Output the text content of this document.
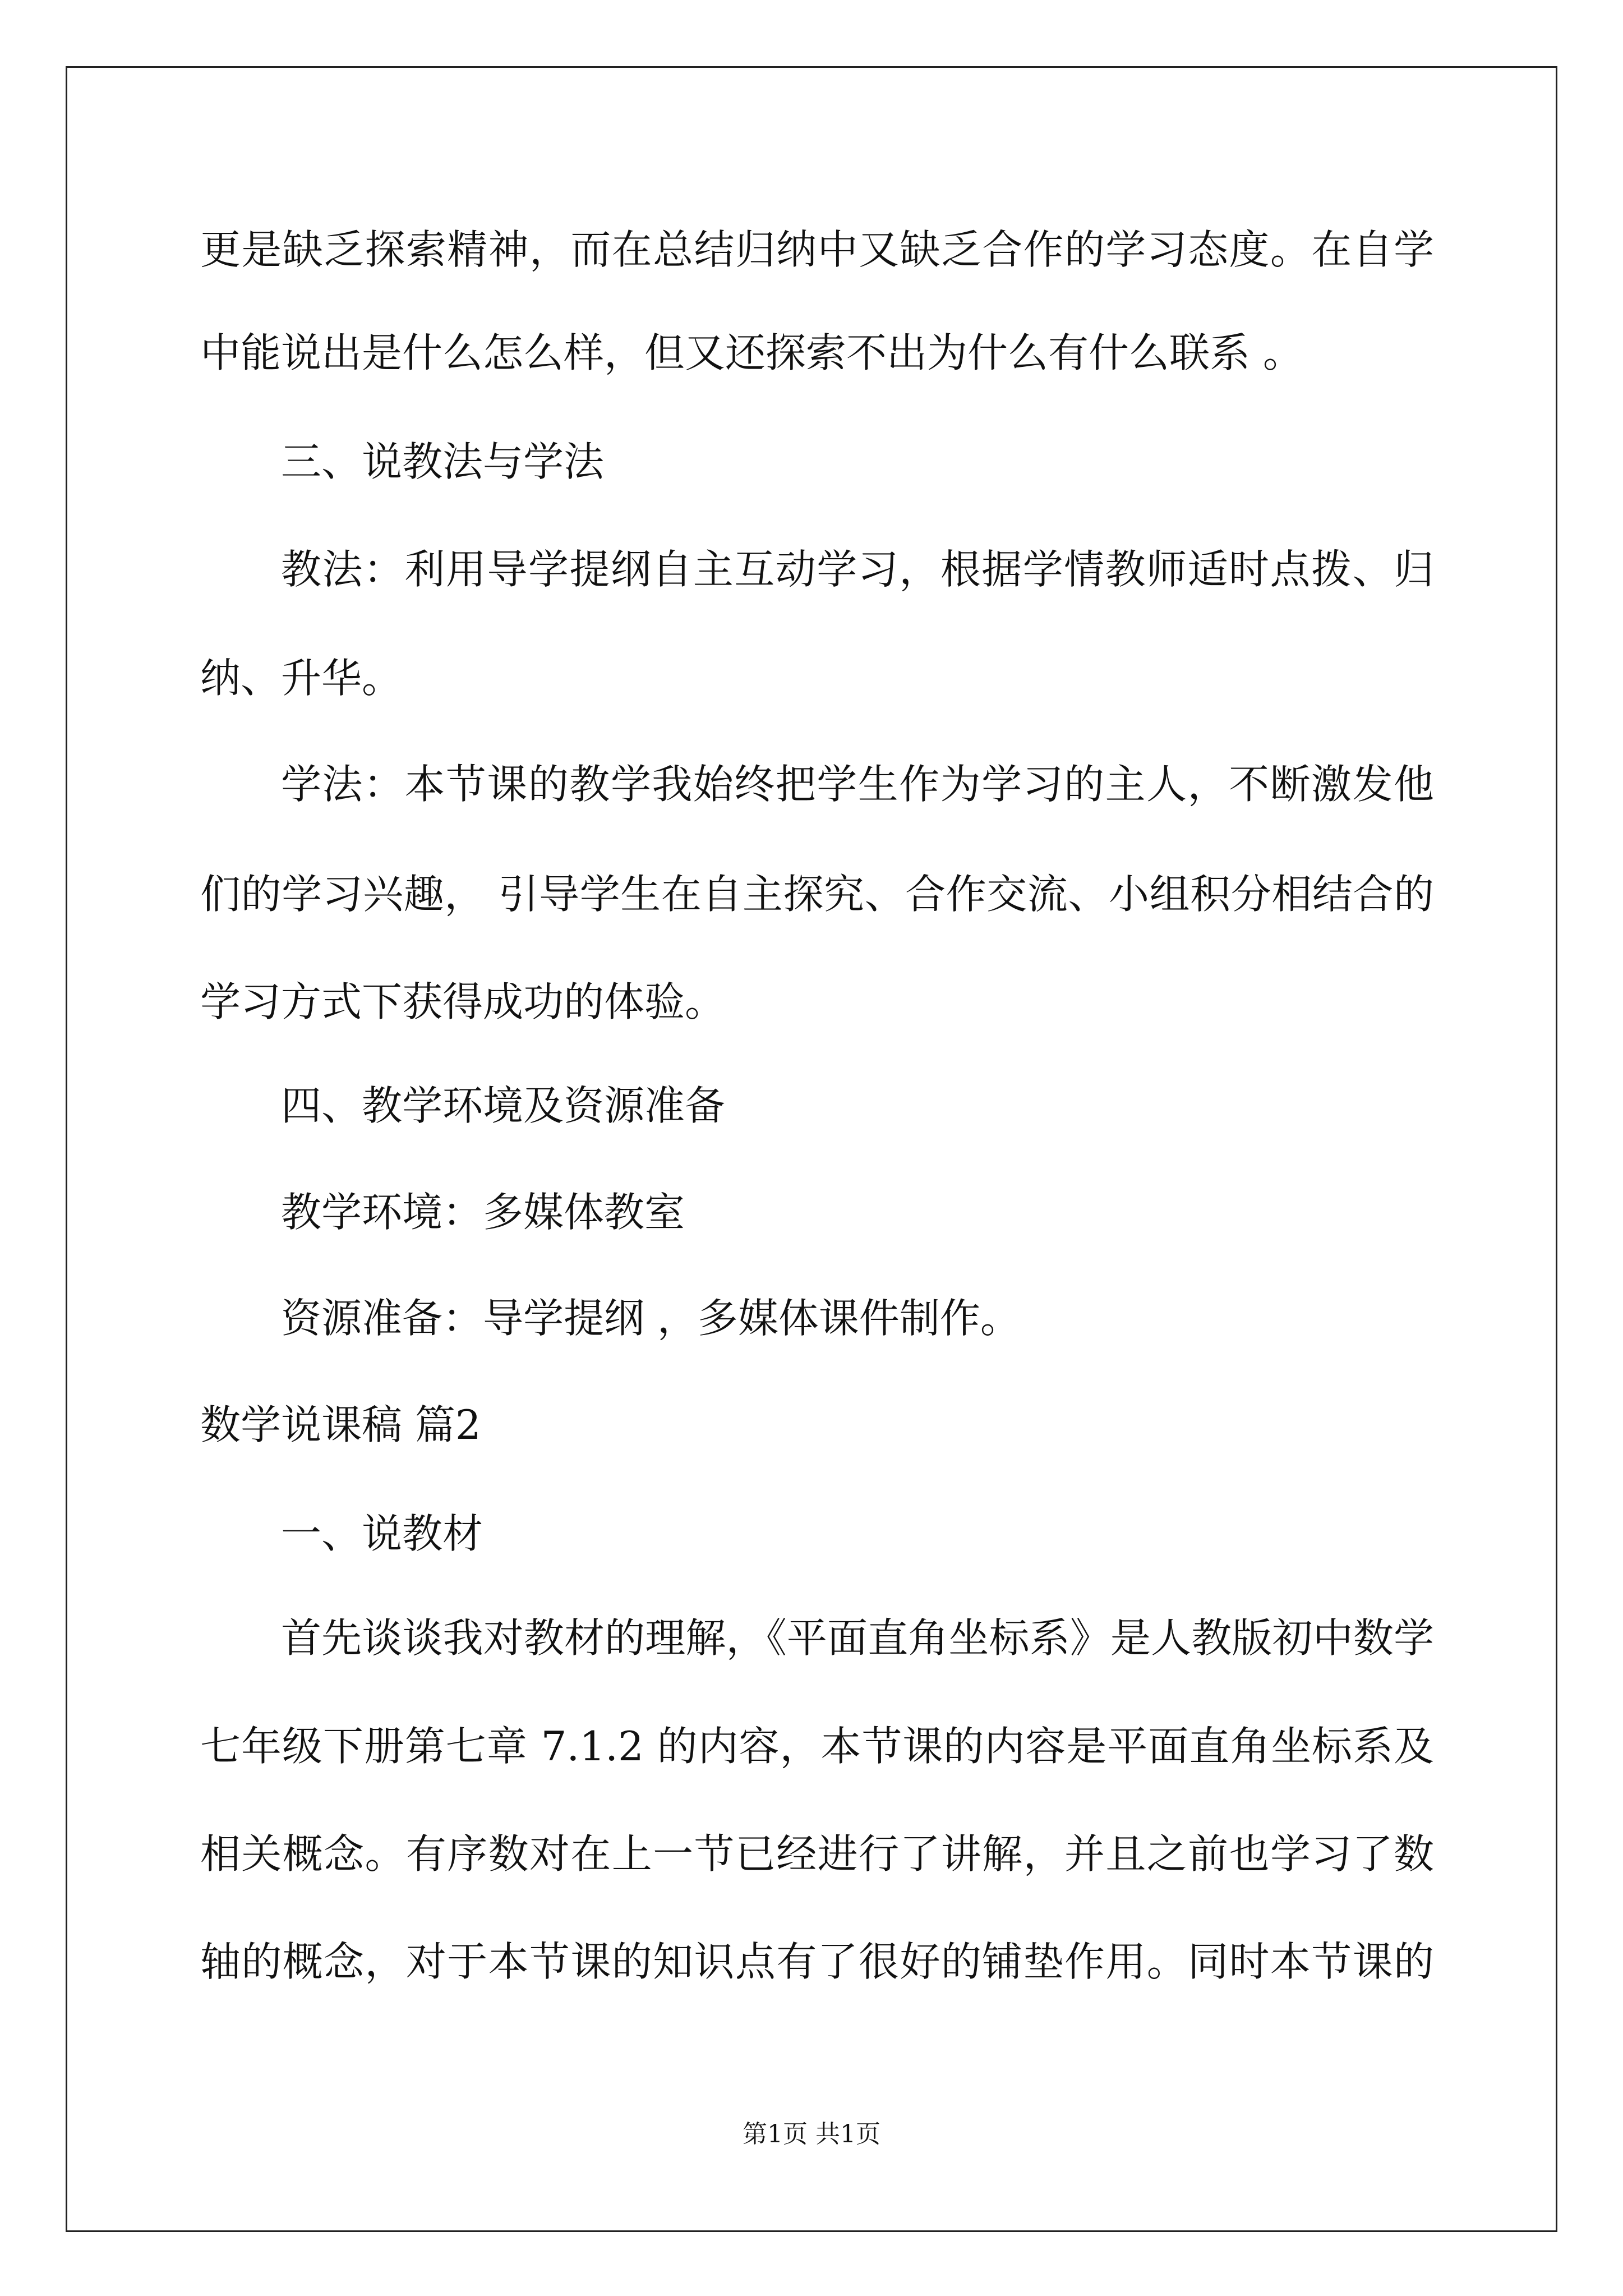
更是缺乏探索精神，而在总结归纳中又缺乏合作的学习态度。在自学
中能说出是什么怎么样，但又还探索不出为什么有什么联系 。
三、说教法与学法
教法：利用导学提纲自主互动学习，根据学情教师适时点拨、归
纳、升华。
学法：本节课的教学我始终把学生作为学习的主人，不断激发他
们的学习兴趣， 引导学生在自主探究、合作交流、小组积分相结合的
学习方式下获得成功的体验。
四、教学环境及资源准备
教学环境：多媒体教室
资源准备：导学提纲 ，多媒体课件制作。
数学说课稿 篇2
一、说教材
首先谈谈我对教材的理解，《平面直角坐标系》是人教版初中数学
七年级下册第七章 7.1.2 的内容，本节课的内容是平面直角坐标系及
相关概念。有序数对在上一节已经进行了讲解，并且之前也学习了数
轴的概念，对于本节课的知识点有了很好的铺垫作用。同时本节课的
第1页 共1页
